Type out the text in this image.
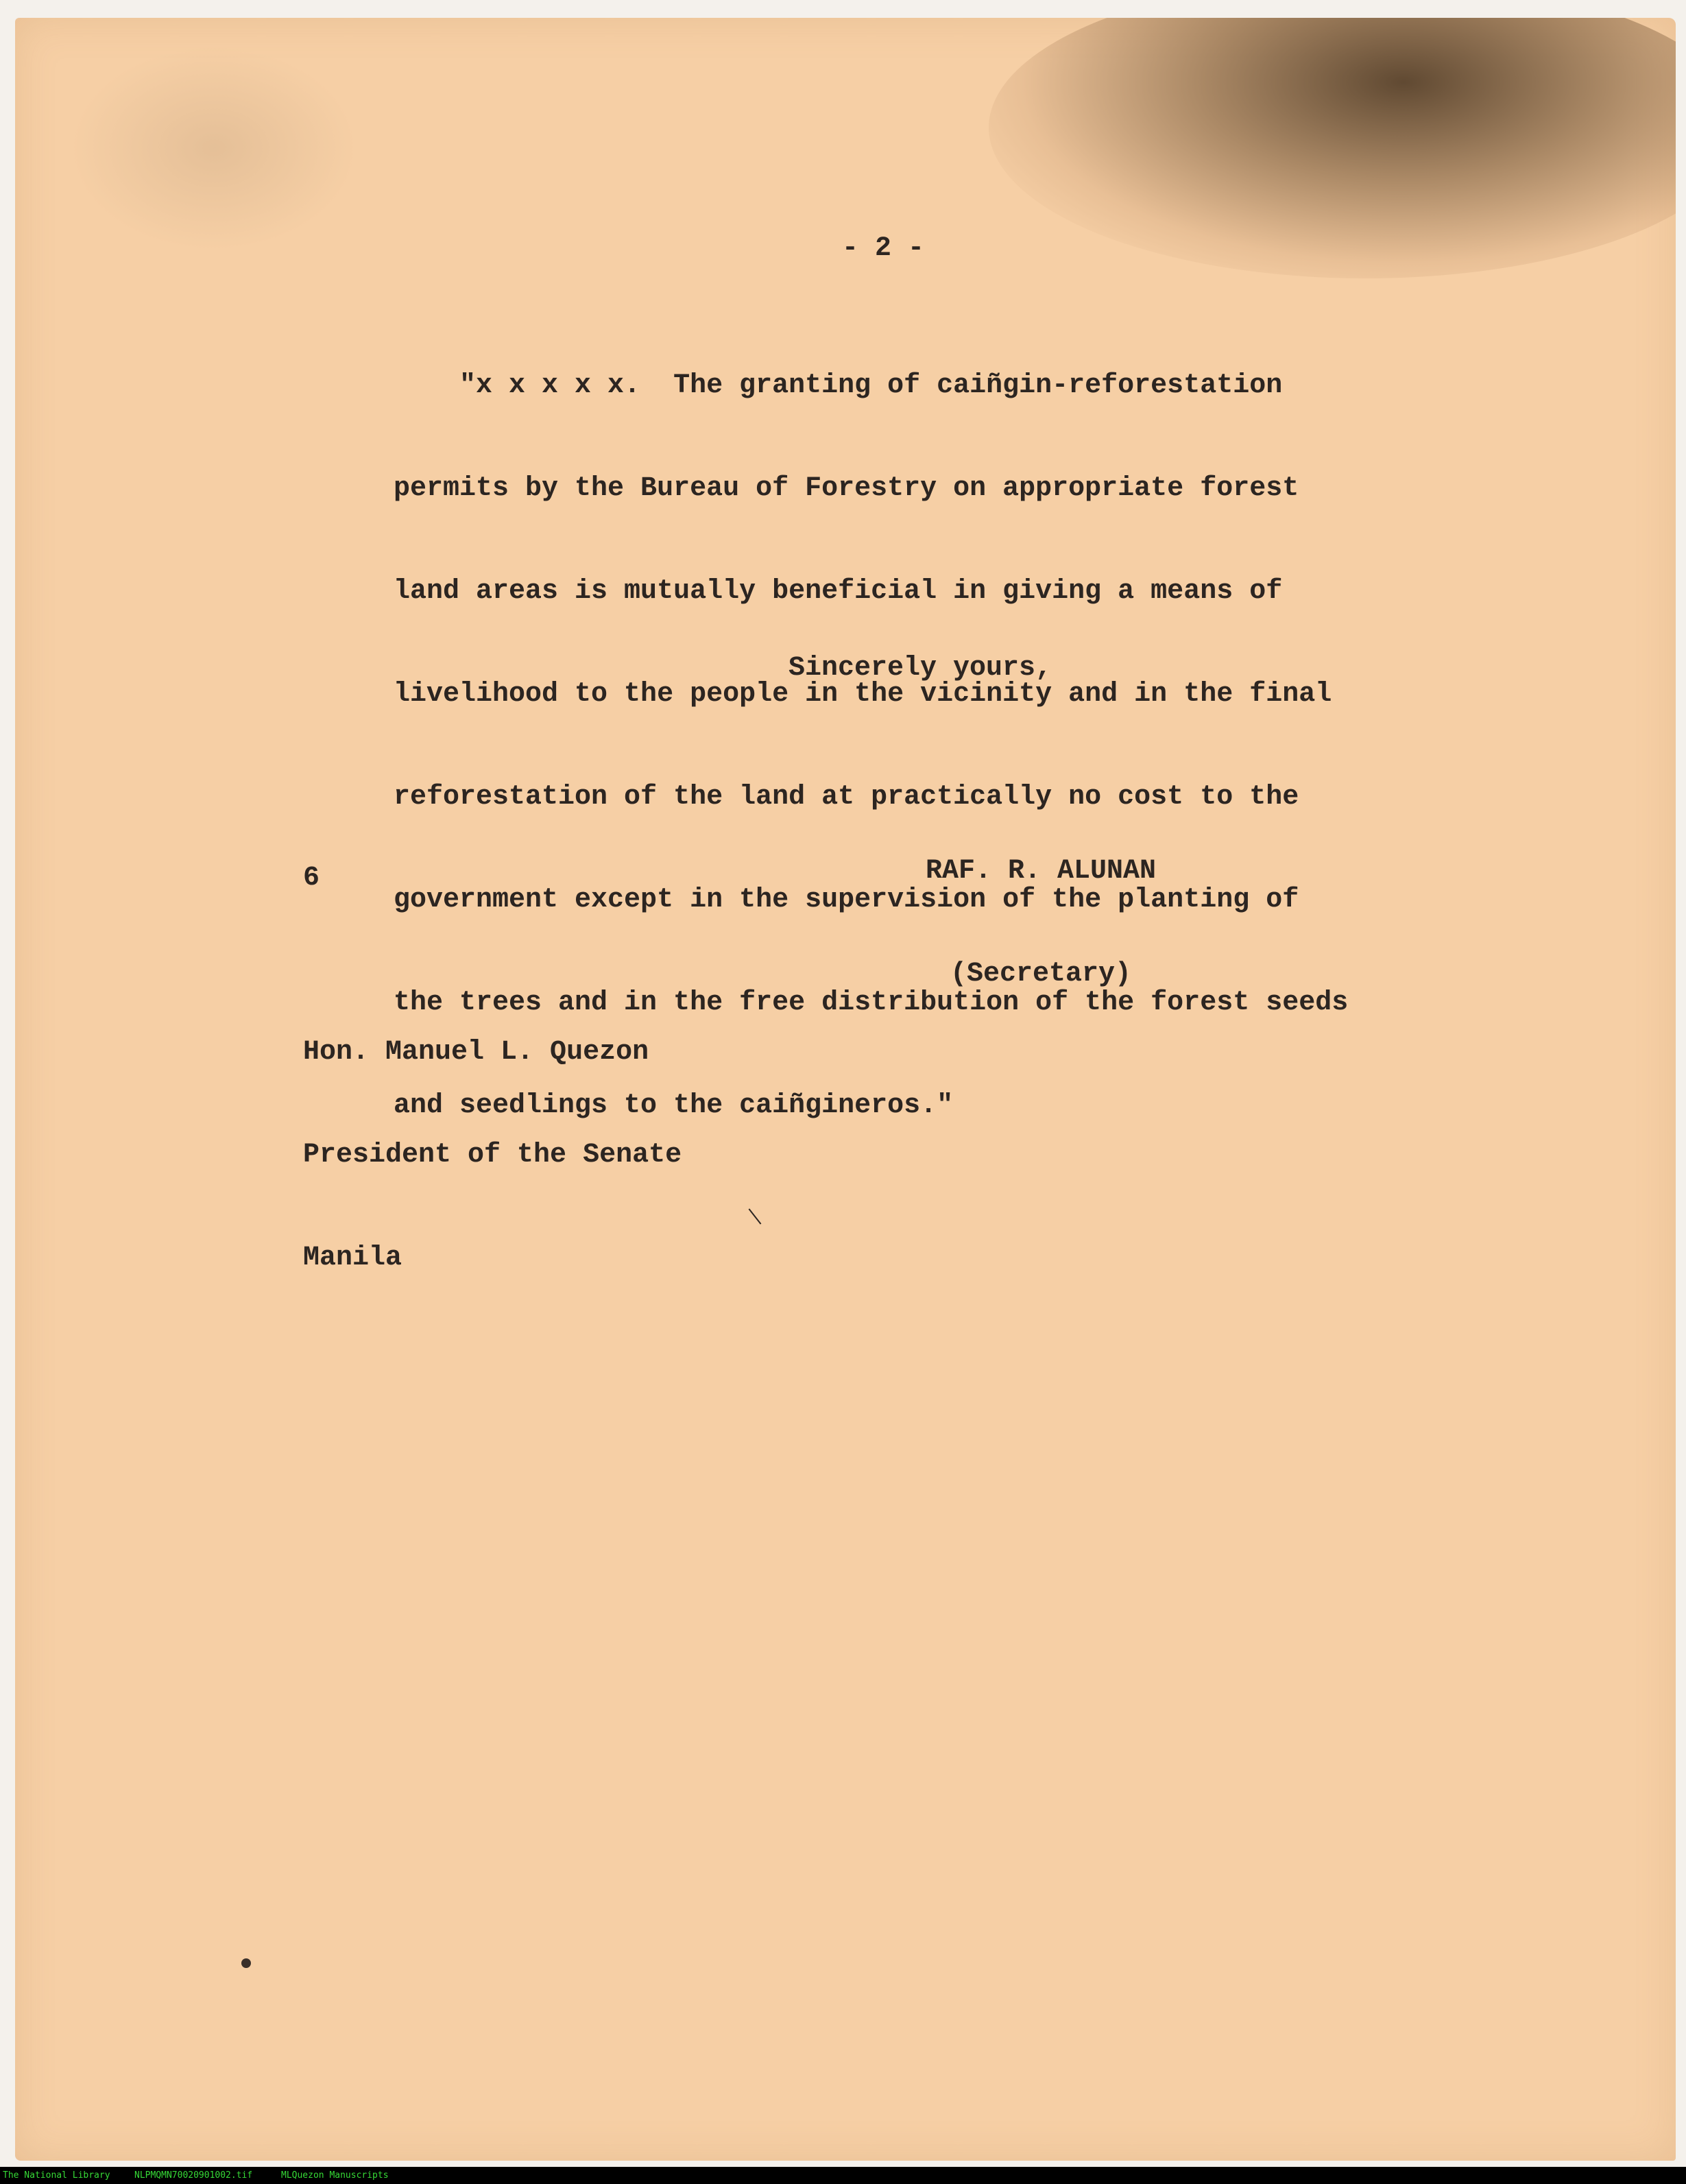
- 2 -

"x x x x x.  The granting of caiñgin-reforestation

permits by the Bureau of Forestry on appropriate forest

land areas is mutually beneficial in giving a means of

livelihood to the people in the vicinity and in the final

reforestation of the land at practically no cost to the

government except in the supervision of the planting of

the trees and in the free distribution of the forest seeds

and seedlings to the caiñgineros."

Sincerely yours,

RAF. R. ALUNAN

(Secretary)

6

Hon. Manuel L. Quezon

President of the Senate

Manila

The National Library	NLPMQMN70020901002.tif	MLQuezon Manuscripts
